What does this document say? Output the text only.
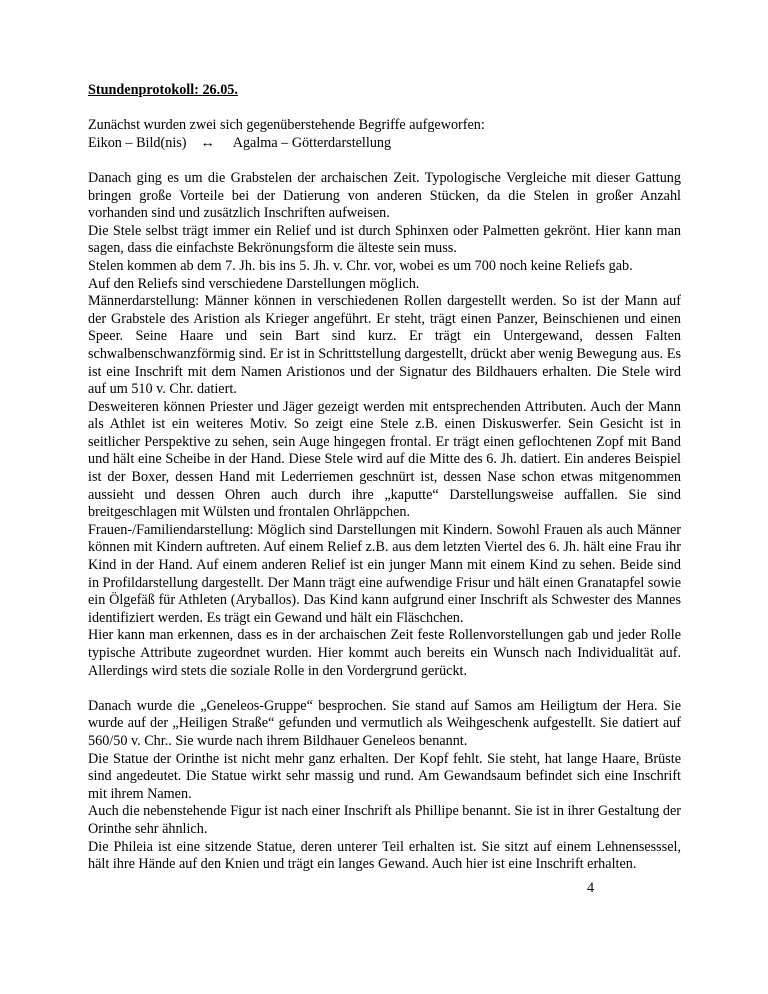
Stundenprotokoll: 26.05.

Zunächst wurden zwei sich gegenüberstehende Begriffe aufgeworfen:

Eikon – Bild(nis) ↔ Agalma – Götterdarstellung

Danach ging es um die Grabstelen der archaischen Zeit. Typologische Vergleiche mit dieser Gattung bringen große Vorteile bei der Datierung von anderen Stücken, da die Stelen in großer Anzahl vorhanden sind und zusätzlich Inschriften aufweisen.

Die Stele selbst trägt immer ein Relief und ist durch Sphinxen oder Palmetten gekrönt. Hier kann man sagen, dass die einfachste Bekrönungsform die älteste sein muss.

Stelen kommen ab dem 7. Jh. bis ins 5. Jh. v. Chr. vor, wobei es um 700 noch keine Reliefs gab.

Auf den Reliefs sind verschiedene Darstellungen möglich.

Männerdarstellung: Männer können in verschiedenen Rollen dargestellt werden. So ist der Mann auf der Grabstele des Aristion als Krieger angeführt. Er steht, trägt einen Panzer, Beinschienen und einen Speer. Seine Haare und sein Bart sind kurz. Er trägt ein Untergewand, dessen Falten schwalbenschwanzförmig sind. Er ist in Schrittstellung dargestellt, drückt aber wenig Bewegung aus. Es ist eine Inschrift mit dem Namen Aristionos und der Signatur des Bildhauers erhalten. Die Stele wird auf um 510 v. Chr. datiert.

Desweiteren können Priester und Jäger gezeigt werden mit entsprechenden Attributen. Auch der Mann als Athlet ist ein weiteres Motiv. So zeigt eine Stele z.B. einen Diskuswerfer. Sein Gesicht ist in seitlicher Perspektive zu sehen, sein Auge hingegen frontal. Er trägt einen geflochtenen Zopf mit Band und hält eine Scheibe in der Hand. Diese Stele wird auf die Mitte des 6. Jh. datiert. Ein anderes Beispiel ist der Boxer, dessen Hand mit Lederriemen geschnürt ist, dessen Nase schon etwas mitgenommen aussieht und dessen Ohren auch durch ihre „kaputte“ Darstellungsweise auffallen. Sie sind breitgeschlagen mit Wülsten und frontalen Ohrläppchen.

Frauen-/Familiendarstellung: Möglich sind Darstellungen mit Kindern. Sowohl Frauen als auch Männer können mit Kindern auftreten. Auf einem Relief z.B. aus dem letzten Viertel des 6. Jh. hält eine Frau ihr Kind in der Hand. Auf einem anderen Relief ist ein junger Mann mit einem Kind zu sehen. Beide sind in Profildarstellung dargestellt. Der Mann trägt eine aufwendige Frisur und hält einen Granatapfel sowie ein Ölgefäß für Athleten (Aryballos). Das Kind kann aufgrund einer Inschrift als Schwester des Mannes identifiziert werden. Es trägt ein Gewand und hält ein Fläschchen.

Hier kann man erkennen, dass es in der archaischen Zeit feste Rollenvorstellungen gab und jeder Rolle typische Attribute zugeordnet wurden. Hier kommt auch bereits ein Wunsch nach Individualität auf. Allerdings wird stets die soziale Rolle in den Vordergrund gerückt.

Danach wurde die „Geneleos-Gruppe“ besprochen. Sie stand auf Samos am Heiligtum der Hera. Sie wurde auf der „Heiligen Straße“ gefunden und vermutlich als Weihgeschenk aufgestellt. Sie datiert auf 560/50 v. Chr.. Sie wurde nach ihrem Bildhauer Geneleos benannt.

Die Statue der Orinthe ist nicht mehr ganz erhalten. Der Kopf fehlt. Sie steht, hat lange Haare, Brüste sind angedeutet. Die Statue wirkt sehr massig und rund. Am Gewandsaum befindet sich eine Inschrift mit ihrem Namen.

Auch die nebenstehende Figur ist nach einer Inschrift als Phillipe benannt. Sie ist in ihrer Gestaltung der Orinthe sehr ähnlich.

Die Phileia ist eine sitzende Statue, deren unterer Teil erhalten ist. Sie sitzt auf einem Lehnensesssel, hält ihre Hände auf den Knien und trägt ein langes Gewand. Auch hier ist eine Inschrift erhalten.

4
